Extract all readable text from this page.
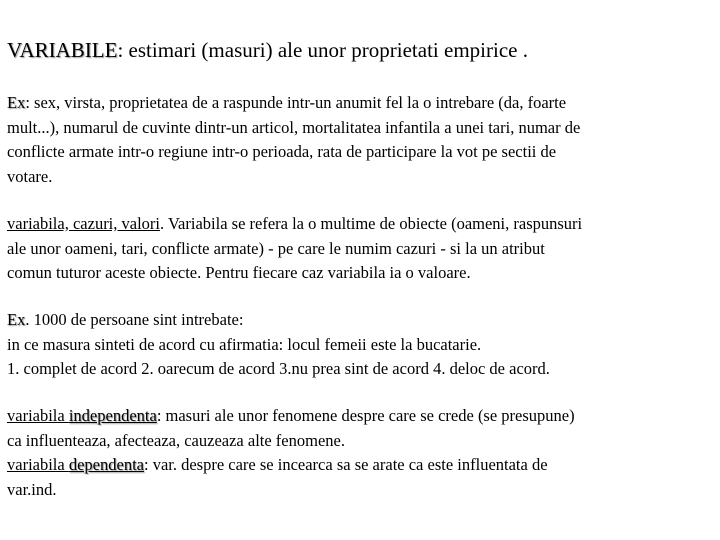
VARIABILE: estimari (masuri) ale unor proprietati empirice .
Ex: sex, virsta, proprietatea de a raspunde intr-un anumit fel la o intrebare (da, foarte
mult...), numarul de cuvinte dintr-un articol, mortalitatea infantila a unei tari, numar de
conflicte armate intr-o regiune intr-o perioada, rata de participare la vot pe sectii de
votare.
variabila, cazuri, valori. Variabila se refera la o multime de obiecte (oameni, raspunsuri
ale unor oameni, tari, conflicte armate) - pe care le numim cazuri - si la un atribut
comun tuturor aceste obiecte. Pentru fiecare caz variabila ia o valoare.
Ex. 1000 de persoane sint intrebate:
in ce masura sinteti de acord cu afirmatia: locul femeii este la bucatarie.
1. complet de acord 2. oarecum de acord 3.nu prea sint de acord 4. deloc de acord.
variabila independenta: masuri ale unor fenomene despre care se crede (se presupune)
ca influenteaza, afecteaza, cauzeaza alte fenomene.
variabila dependenta: var. despre care se incearca sa se arate ca este influentata de
var.ind.
